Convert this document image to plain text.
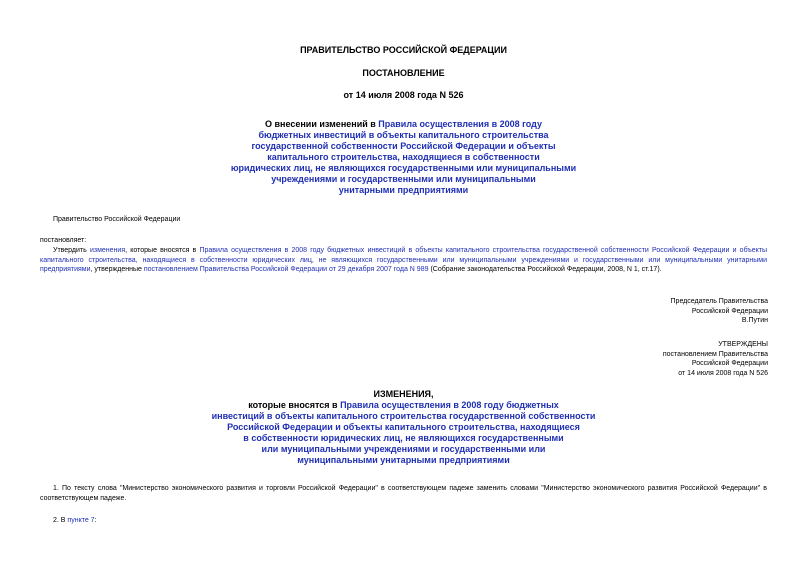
ПРАВИТЕЛЬСТВО РОССИЙСКОЙ ФЕДЕРАЦИИ
ПОСТАНОВЛЕНИЕ
от 14 июля 2008 года N 526
О внесении изменений в Правила осуществления в 2008 году
бюджетных инвестиций в объекты капитального строительства
государственной собственности Российской Федерации и объекты
капитального строительства, находящиеся в собственности
юридических лиц, не являющихся государственными или муниципальными
учреждениями и государственными или муниципальными
унитарными предприятиями
Правительство Российской Федерации
постановляет:
Утвердить изменения, которые вносятся в Правила осуществления в 2008 году бюджетных инвестиций в объекты капитального строительства государственной собственности Российской Федерации и объекты капитального строительства, находящиеся в собственности юридических лиц, не являющихся государственными или муниципальными учреждениями и государственными или муниципальными унитарными предприятиями, утвержденные постановлением Правительства Российской Федерации от 29 декабря 2007 года N 989 (Собрание законодательства Российской Федерации, 2008, N 1, ст.17).
Председатель Правительства
Российской Федерации
В.Путин
УТВЕРЖДЕНЫ
постановлением Правительства
Российской Федерации
от 14 июля 2008 года N 526
ИЗМЕНЕНИЯ,
которые вносятся в Правила осуществления в 2008 году бюджетных
инвестиций в объекты капитального строительства государственной собственности
Российской Федерации и объекты капитального строительства, находящиеся
в собственности юридических лиц, не являющихся государственными
или муниципальными учреждениями и государственными или
муниципальными унитарными предприятиями
1. По тексту слова "Министерство экономического развития и торговли Российской Федерации" в соответствующем падеже заменить словами "Министерство экономического развития Российской Федерации" в соответствующем падеже.
2. В пункте 7:
